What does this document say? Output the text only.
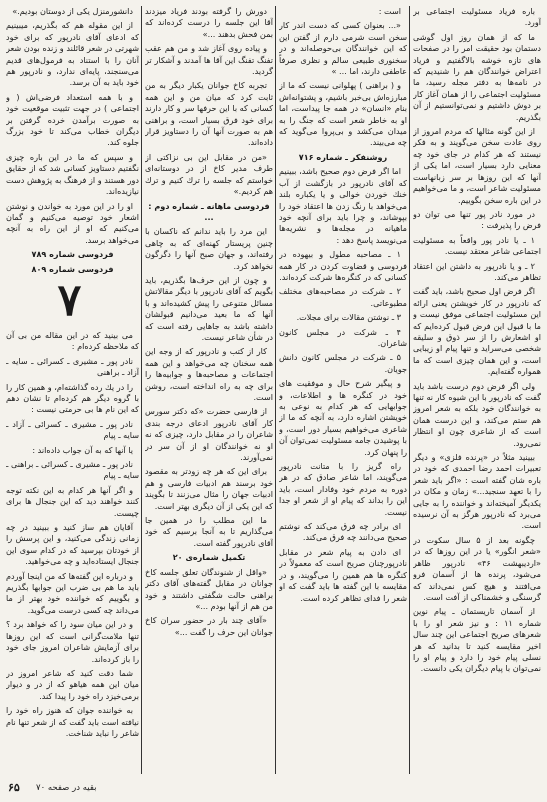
باره فرياد مسئوليت اجتماعی بر آورد.

ما كه از همان روز اول گوشی دستمان بود حقيقت امر را در صفحات های تازه خوشه بالاگفتيم و فرياد اعتراض خوانندگان هم را شنيديم كه در نامه‌ها به دفتر مجله رسيد، ما مسئوليت اجتماعی را از همان آغاز كار بر دوش داشتيم و نمی‌توانستيم از آن بگذريم.

از اين گونه مثالها كه مردم امروز از روی عادت سخن می‌گويند و به فكر نيستند كه هر كدام در جای خود چه معنايی دارد بسيار است، اما يكی از آنها كه اين روزها بر سر زبانهاست مسئوليت شاعر است، و ما می‌خواهيم در اين باره سخن بگوييم.

در مورد نادر پور تنها می توان دو فرض را پذيرفت :

۱ ـ يا نادر پور واقعاً به مسئوليت اجتماعی شاعر معتقد نيست.

۲ ـ و يا نادرپور به داشتن اين اعتقاد تظاهر می‌كند.

اگر فرض اول صحيح باشد، بايد گفت كه نادرپور در كار خويشتن يعنی ارائه اين مسئوليت اجتماعی موفق نيست و ما با قبول اين فرض قبول كرده‌ايم كه او اشعارش را از سر ذوق و سليقه شخصی می‌سرايد و تنها پيام او زيبايی است، و اين همان چيزی است كه ما همواره گفته‌ايم.

ولی اگر فرض دوم درست باشد بايد گفت كه نادرپور با اين شيوه كار نه تنها به خوانندگان خود بلكه به شعر امروز هم ستم می‌كند، و اين درست همان است كه از شاعری چون او انتظار نمی‌رود.

بيينيد مثلاً در «پرنده فلزی» و ديگر تعبيرات احمد رضا احمدی كه خود در باره شان گفته است : «اگر بايد شعر را با تعهد سنجيد...» زمان و مكان در يكديگر آميخته‌اند و خواننده را به جايی می‌برد كه نادرپور هرگز به آن نرسيده است.

چگونه بعد از ۵ سال سكوت در «شعر انگور» يا در اين روزها كه در «ارديبهشت ۴۶» نادرپور ظاهر می‌شود، پرنده ها از آسمان فرو می‌افتند و هيچ كس نمی‌داند كه گرسنگی و خشمناكی از آفت است.

از آسمان تاريستمان ـ پيام نوين شماره ۱۱ : و نيز شعر او را با شعرهای صريح اجتماعی اين چند سال اخير مقايسه كنيد تا بدانيد كه هر نسلی پيام خود را دارد و پيام او را نمی‌توان با پيام ديگران يكی دانست.

است :

«... بعنوان كسی كه دست اندر كار سخن است شرمی دارم از گفتن اين كه اين خوانندگان بی‌حوصله‌اند و در سخنوری طبيعی سالم و نظری صرفاً عاطفی دارند، اما ... »

و ( براهنی ) پهلوانی نيست كه ما از مبارزه‌اش بی‌خبر باشيم، و پشتوانه‌اش بنام «انسان» در همه جا پيداست، اما او به خاطر شعر است كه جنگ را به ميدان می‌كشد و بی‌پروا می‌گويد كه چه می‌بيند.

روشنفكر ـ شماره ۷۱۶

اما اگر فرض دوم صحيح باشد، ببينيم كه آقای نادرپور در بازگشت از آب خنك خوردن خوالی و يا يكباره بلند می‌خواهد با رنگ زدن ها اعتقاد خود را بپوشاند، و چرا بايد برای آنچه خود ماهيانه در مجله‌ها و نشريه‌ها می‌نويسد پاسخ دهد :

۱ ـ مصاحبه مطول و بيهوده در فردوسی و قضاوت كردن در كار همه كسانی كه در كنگره‌ها شركت كرده‌اند.

۲ ـ شركت در مصاحبه‌های مختلف مطبوعاتی.

۳ ـ نوشتن مقالات برای مجلات.

۴ ـ شركت در مجلس كانون شاعران.

۵ ـ شركت در مجلس كانون دانش جويان.

و پيگير شرح حال و موفقيت های خود در كنگره ها و اطلاعات، و جوابهايی كه هر كدام به نوعی به خويشتن اشاره دارد، به آنچه كه ما از شاعری می‌خواهيم بسيار دور است، و با پوشيدن جامه مسئوليت نمی‌توان آن را پنهان كرد.

راه گريز را با متانت نادرپور می‌گويند، اما شاعر صادق كه در هر دوره به مردم خود وفادار است، بايد اين را بداند كه پيام او از شعر او جدا نيست.

ای برادر چه فرق می‌كند كه نوشتم صحيح می‌دانند چه فرق می‌كند.

ای دادن به پيام شعر در مقابل نادرپورچنان صريح است كه معمولاً در كنگره ها هم همين را می‌گويند، و در مقايسه با اين گفته ها بايد گفت كه او شعر را فدای تظاهر كرده است.

دورش را گرفته بودند فرياد ميزدند آقا اين جلسه را درست كرده‌اند كه بمن فحش بدهند ...»

و پياده روی آغاز شد و من هم عقب تفنگ تفنگ اين آقا ها آمدند و آشكار تر گرديد.

تجربه كاخ جوانان يكبار ديگر به من ثابت كرد كه ميان من و اين همه كسانی كه با اين حرفها سر و كار دارند برای خود فرق بسيار است، و براهنی هم به صورت آنها آن را دستاويز قرار داده‌اند.

«من در مقابل اين بی نزاكتی از طرف مدير كاخ از در دوستانه‌ای خواستم كه جلسه را ترك كنيم و ترك هم كرديم.»

فردوسی ماهانه ـ شماره دوم : ...

اين مرد را بايد ندانم كه ناكسان با چنين پريستار كهنه‌ای كه به چاهی رفته‌اند، و جهان صبح آنها را دگرگون نخواهد كرد.

و چون از اين حرف‌ها بگذريم، بايد بگويم كه آقای نادرپور با ديگر مقالاتش مسائل متنوعی را پيش كشيده‌اند و با آنها كه ما بعيد می‌دانيم قبولشان داشته باشد به جاهايی رفته است كه در شأن شاعر نيست.

كار از كتب و نادرپور كه از وجه اين همه سخنان چه می‌خواهد و اين همه اجتماعات و مصاحبه‌ها و جوابيه‌ها را برای چه به راه انداخته است، روشن است.

از فارسی حضرت «كه دكتر سورس كار آقای نادرپور ادعای درجه بندی شاعران را در مقابل دارد، چيزی كه نه او نه خوانندگان او از آن سر در نمی‌آورند.

برای اين كه هر چه زودتر به مقصود خود برسند هم ادبيات فارسی و هم ادبيات جهان را مثال می‌زنند تا بگويند كه اين يكی از آن ديگری بهتر است.

ما اين مطلب را در همين جا می‌گذاريم تا به آنجا برسيم كه خود آقای نادرپور گفته است.

تكميل شماره‌ی ۲۰

«واقل از شنوندگان تعلق جلسه كاخ جوانان در مقابل گفته‌های آقای دكتر براهنی حالت شگفتی داشتند و خود من هم از آنها بودم ...»

«آقای چند بار در حضور سران كاخ جوانان اين حرف را گفت ...»

دانشورمنزل يكی از دوستان بوديم.»

از اين مقوله هم كه بگذريم، ميبينيم كه ادعای آقای نادرپور كه برای خود شهرتی در شعر قائلند و زنده بودن شعر آنان را با استناد به فرمول‌های قديم می‌سنجند، پايه‌ای ندارد، و نادرپور هم خود بايد به آن برسد.

و با همه استعداد فرضی‌اش ( و اجتماعی ) در جهت تثبيت موقعيت خود به صورت برآمدن خرده گرفتن بر ديگران خطاب می‌كند تا خود بزرگ جلوه كند.

و سپس كه ما در اين باره چيزی نگفتيم دستاويز كسانی شد كه از حقايق دور هستند و از فرهنگ به پژوهش دست نيازيده‌اند.

او را در اين مورد به خواندن و نوشتن اشعار خود توصيه می‌كنيم و گمان می‌كنيم كه او از اين راه به آنچه می‌خواهد برسد.

فردوسی شماره ۷۸۹

فردوسی شماره ۸۰۹

۷

می بينيد كه در اين مقاله من بی آن كه ملاحظه كرده‌ام :

نادر پور ـ مشيری ـ كسرائی ـ سايه ـ آزاد ـ براهنی

را در يك رده گذاشته‌ام، و همين كار را با گروه ديگر هم كرده‌ام تا نشان دهم كه اين نام ها بی حرمتی نيست :

نادر پور ـ مشيری ـ كسرائی ـ آزاد ـ سايه ـ پيام

يا آنها كه به آن جواب داده‌اند :

نادر پور ـ مشيری ـ كسرائی ـ براهنی ـ سايه ـ پيام

و اگر آنها هر كدام به اين نكته توجه كنند خواهند ديد كه اين جنجال ها برای چيست.

آقايان هم ساز كنيد و ببينيد در چه زمانی زندگی می‌كنيد، و اين پرسش را از خودتان بپرسيد كه در كدام سوی اين جنجال ايستاده‌ايد و چه می‌خواهيد.

و درباره اين گفته‌ها كه من اينجا آوردم بايد ما هم بی ضرب اين جوابها بگذريم و بگوييم كه خواننده خود بهتر از ما می‌داند چه كسی درست می‌گويد.

و در اين ميان سود را كه خواهد برد ؟ تنها ملامت‌گرانی است كه اين روزها برای آزمايش شاعران امروز جای خود را باز كرده‌اند.

شما دقت كنيد كه شاعر امروز در ميان اين همه هياهو كه از در و ديوار برمی‌خيزد راه خود را پيدا كند.

به خواننده جوان كه هنوز راه خود را نيافته است بايد گفت كه از شعر تنها نام شاعر را نبايد شناخت.

۶۵ بقيه در صفحه ۷۰
